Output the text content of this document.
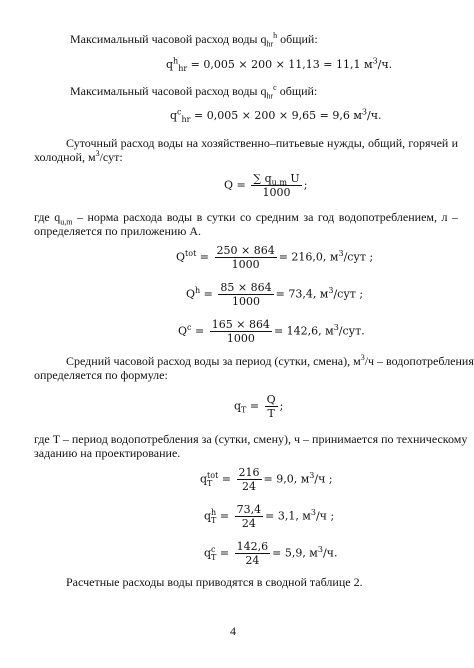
Максимальный часовой расход воды $q_{hr}^h$ общий:
$q^h_{hr} = 0,005 \times 200 \times 11,13 = 11,1$ $м^3/ч$.
Максимальный часовой расход воды $q_{hr}^c$ общий:
$q^c_{hr} = 0,005 \times 200 \times 9,65 = 9,6$ $м^3/ч$.
Суточный расход воды на хозяйственно–питьевые нужды, общий, горячей и
холодной, $м^3$/сут:
$Q = \frac{\sum q_{u,m} U}{1000}$ ;
где $q_{u,m}$ – норма расхода воды в сутки со средним за год водопотреблением, л –
определяется по приложению А.
$Q^{tot} = \frac{250 \times 864}{1000} = 216,0$, $м^3$/сут ;
$Q^h = \frac{85 \times 864}{1000} = 73,4$, $м^3$/сут ;
$Q^c = \frac{165 \times 864}{1000} = 142,6$, $м^3$/сут.
Средний часовой расход воды за период (сутки, смена), $м^3/ч$ – водопотребления
определяется по формуле:
$q_T = \frac{Q}{T}$ ;
где T – период водопотребления за (сутки, смену), ч – принимается по техническому
заданию на проектирование.
q tot
$T = \frac{216}{24} = 9,0$, $м^3/ч$ ;
q h
$T = \frac{73,4}{24} = 3,1$, $м^3/ч$ ;
q c
$T = \frac{142,6}{24} = 5,9$, $м^3/ч$.
Расчетные расходы воды приводятся в сводной таблице 2.
4
